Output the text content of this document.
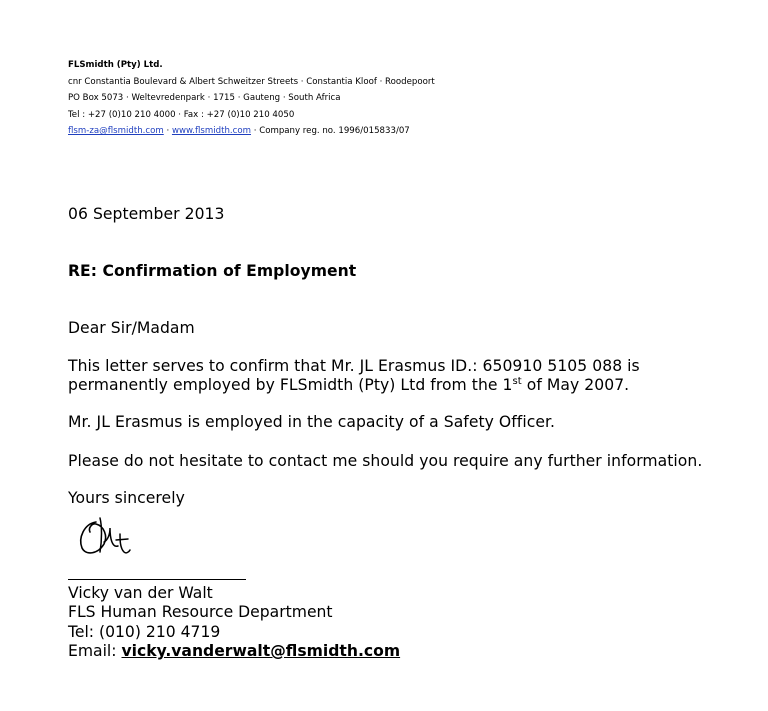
FLSmidth (Pty) Ltd.
cnr Constantia Boulevard & Albert Schweitzer Streets · Constantia Kloof · Roodepoort
PO Box 5073 · Weltevredenpark · 1715 · Gauteng · South Africa
Tel : +27 (0)10 210 4000 · Fax : +27 (0)10 210 4050
flsm-za@flsmidth.com · www.flsmidth.com · Company reg. no. 1996/015833/07
06 September 2013
RE: Confirmation of Employment
Dear Sir/Madam
This letter serves to confirm that Mr. JL Erasmus ID.: 650910 5105 088 is
permanently employed by FLSmidth (Pty) Ltd from the 1st of May 2007.
Mr. JL Erasmus is employed in the capacity of a Safety Officer.
Please do not hesitate to contact me should you require any further information.
Yours sincerely
Vicky van der Walt
FLS Human Resource Department
Tel: (010) 210 4719
Email: vicky.vanderwalt@flsmidth.com
